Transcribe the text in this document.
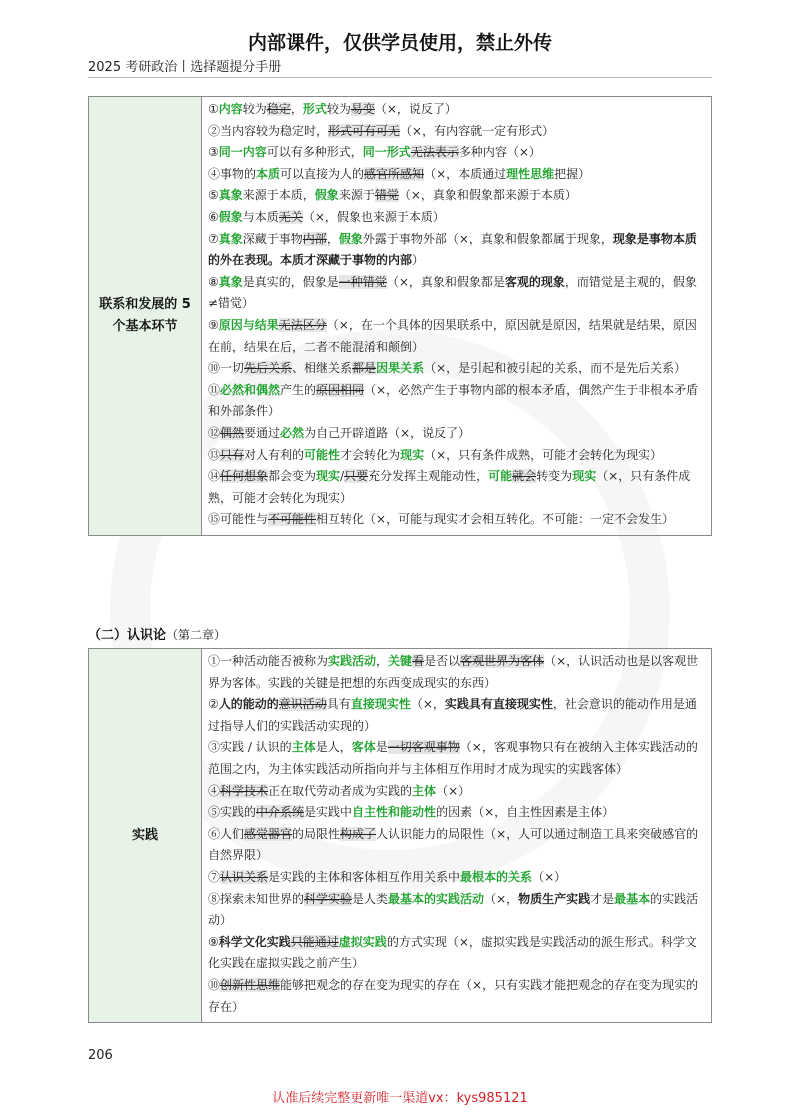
内部课件，仅供学员使用，禁止外传
2025 考研政治丨选择题提分手册
联系和发展的 5 个基本环节	
①内容较为稳定，形式较为易变（×，说反了）
②当内容较为稳定时，形式可有可无（×，有内容就一定有形式）
③同一内容可以有多种形式，同一形式无法表示多种内容（×）
④事物的本质可以直接为人的感官所感知（×，本质通过理性思维把握）
⑤真象来源于本质，假象来源于错觉（×，真象和假象都来源于本质）
⑥假象与本质无关（×，假象也来源于本质）
⑦真象深藏于事物内部，假象外露于事物外部（×，真象和假象都属于现象，现象是事物本质的外在表现。本质才深藏于事物的内部）
⑧真象是真实的，假象是一种错觉（×，真象和假象都是客观的现象，而错觉是主观的，假象≠错觉）
⑨原因与结果无法区分（×，在一个具体的因果联系中，原因就是原因，结果就是结果，原因在前，结果在后，二者不能混淆和颠倒）
⑩一切先后关系、相继关系都是因果关系（×，是引起和被引起的关系，而不是先后关系）
⑪必然和偶然产生的原因相同（×，必然产生于事物内部的根本矛盾，偶然产生于非根本矛盾和外部条件）
⑫偶然要通过必然为自己开辟道路（×，说反了）
⑬只有对人有利的可能性才会转化为现实（×，只有条件成熟，可能才会转化为现实）
⑭任何想象都会变为现实/只要充分发挥主观能动性，可能就会转变为现实（×，只有条件成熟，可能才会转化为现实）
⑮可能性与不可能性相互转化（×，可能与现实才会相互转化。不可能：一定不会发生）
（二）认识论（第二章）
实践	
①一种活动能否被称为实践活动，关键看是否以客观世界为客体（×，认识活动也是以客观世界为客体。实践的关键是把想的东西变成现实的东西）
②人的能动的意识活动具有直接现实性（×，实践具有直接现实性，社会意识的能动作用是通过指导人们的实践活动实现的）
③实践 / 认识的主体是人，客体是一切客观事物（×，客观事物只有在被纳入主体实践活动的范围之内，为主体实践活动所指向并与主体相互作用时才成为现实的实践客体）
④科学技术正在取代劳动者成为实践的主体（×）
⑤实践的中介系统是实践中自主性和能动性的因素（×，自主性因素是主体）
⑥人们感觉器官的局限性构成了人认识能力的局限性（×，人可以通过制造工具来突破感官的自然界限）
⑦认识关系是实践的主体和客体相互作用关系中最根本的关系（×）
⑧探索未知世界的科学实验是人类最基本的实践活动（×，物质生产实践才是最基本的实践活动）
⑨科学文化实践只能通过虚拟实践的方式实现（×，虚拟实践是实践活动的派生形式。科学文化实践在虚拟实践之前产生）
⑩创新性思维能够把观念的存在变为现实的存在（×，只有实践才能把观念的存在变为现实的存在）
206
认准后续完整更新唯一渠道vx：kys985121
